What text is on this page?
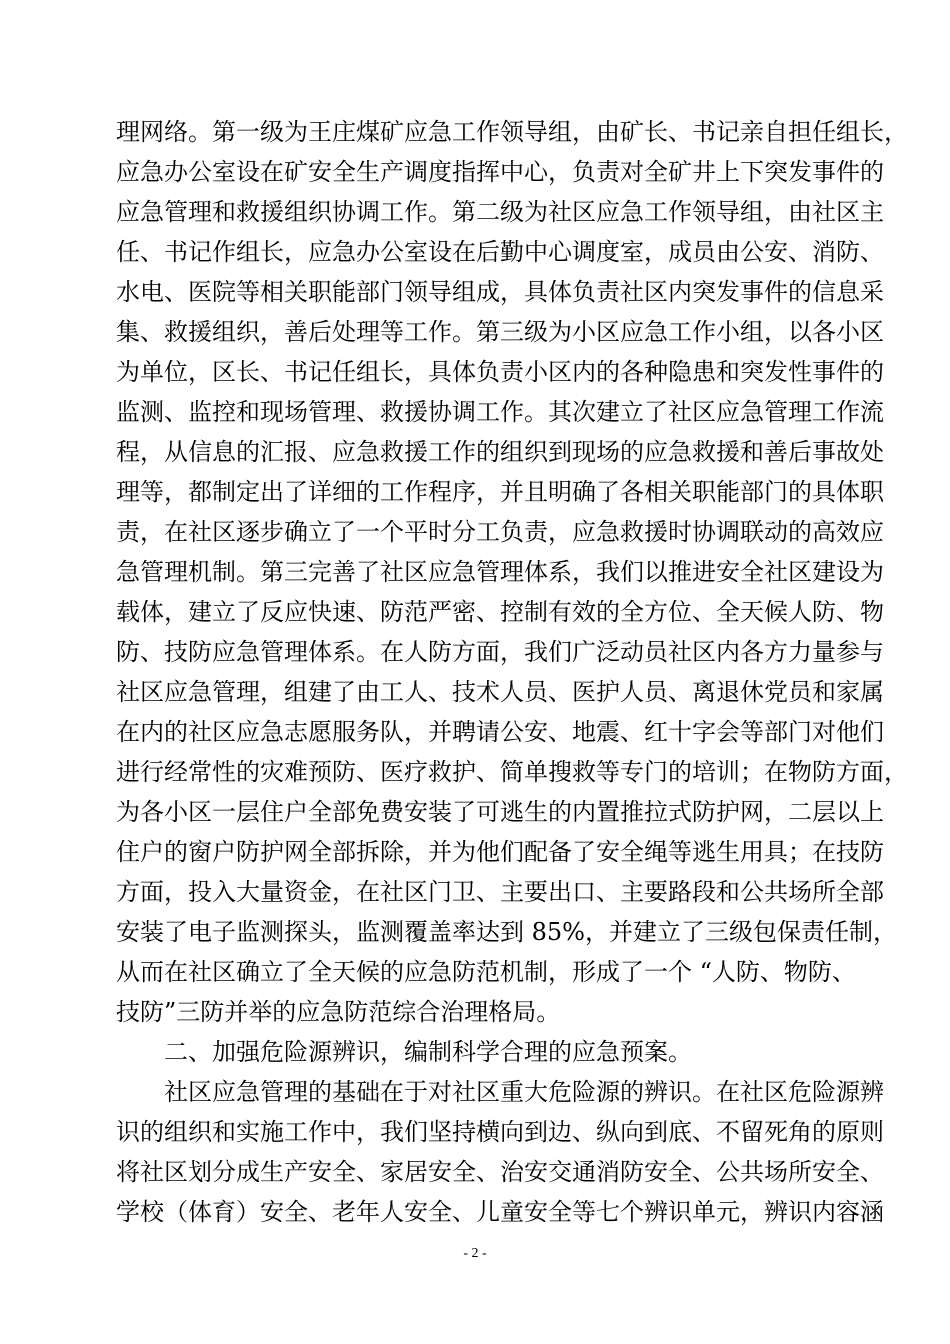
理网络。第一级为王庄煤矿应急工作领导组，由矿长、书记亲自担任组长，
应急办公室设在矿安全生产调度指挥中心，负责对全矿井上下突发事件的
应急管理和救援组织协调工作。第二级为社区应急工作领导组，由社区主
任、书记作组长，应急办公室设在后勤中心调度室，成员由公安、消防、
水电、医院等相关职能部门领导组成，具体负责社区内突发事件的信息采
集、救援组织，善后处理等工作。第三级为小区应急工作小组，以各小区
为单位，区长、书记任组长，具体负责小区内的各种隐患和突发性事件的
监测、监控和现场管理、救援协调工作。其次建立了社区应急管理工作流
程，从信息的汇报、应急救援工作的组织到现场的应急救援和善后事故处
理等，都制定出了详细的工作程序，并且明确了各相关职能部门的具体职
责，在社区逐步确立了一个平时分工负责，应急救援时协调联动的高效应
急管理机制。第三完善了社区应急管理体系，我们以推进安全社区建设为
载体，建立了反应快速、防范严密、控制有效的全方位、全天候人防、物
防、技防应急管理体系。在人防方面，我们广泛动员社区内各方力量参与
社区应急管理，组建了由工人、技术人员、医护人员、离退休党员和家属
在内的社区应急志愿服务队，并聘请公安、地震、红十字会等部门对他们
进行经常性的灾难预防、医疗救护、简单搜救等专门的培训；在物防方面，
为各小区一层住户全部免费安装了可逃生的内置推拉式防护网，二层以上
住户的窗户防护网全部拆除，并为他们配备了安全绳等逃生用具；在技防
方面，投入大量资金，在社区门卫、主要出口、主要路段和公共场所全部
安装了电子监测探头，监测覆盖率达到 85%，并建立了三级包保责任制，
从而在社区确立了全天候的应急防范机制，形成了一个 “人防、物防、
技防”三防并举的应急防范综合治理格局。
二、加强危险源辨识，编制科学合理的应急预案。
社区应急管理的基础在于对社区重大危险源的辨识。在社区危险源辨
识的组织和实施工作中，我们坚持横向到边、纵向到底、不留死角的原则
将社区划分成生产安全、家居安全、治安交通消防安全、公共场所安全、
学校（体育）安全、老年人安全、儿童安全等七个辨识单元，辨识内容涵
- 2 -
